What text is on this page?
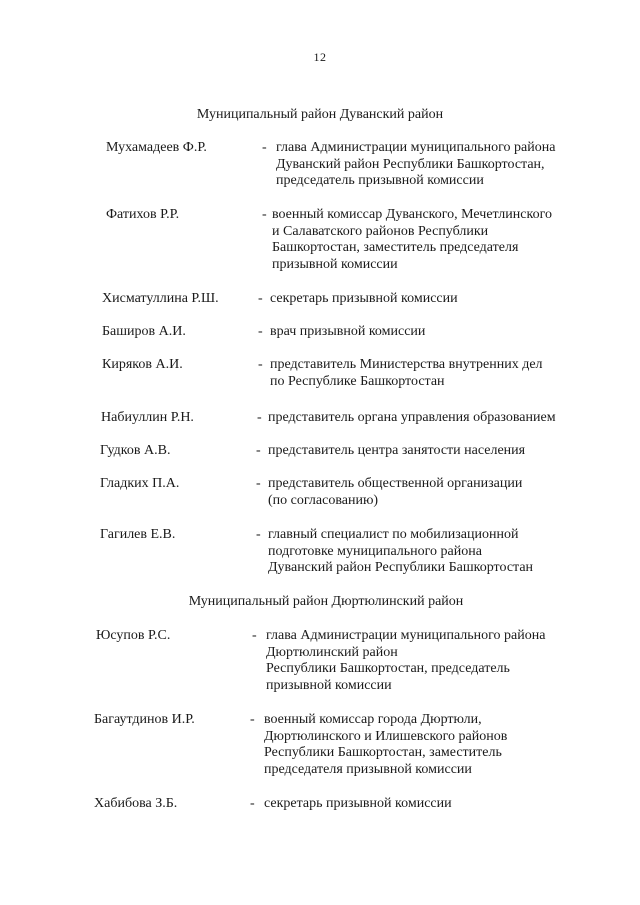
12
Муниципальный район Дуванский район
Мухамадеев Ф.Р.	- глава Администрации муниципального района
Дуванский район Республики Башкортостан,
председатель призывной комиссии
Фатихов Р.Р.	- военный комиссар Дуванского, Мечетлинского
и Салаватского районов Республики
Башкортостан, заместитель председателя
призывной комиссии
Хисматуллина Р.Ш.	- секретарь призывной комиссии
Баширов А.И.	- врач призывной комиссии
Киряков А.И.	- представитель Министерства внутренних дел
по Республике Башкортостан
Набиуллин Р.Н.	- представитель органа управления образованием
Гудков А.В.	- представитель центра занятости населения
Гладких П.А.	- представитель общественной организации
(по согласованию)
Гагилев Е.В.	- главный специалист по мобилизационной
подготовке муниципального района
Дуванский район Республики Башкортостан
Муниципальный район Дюртюлинский район
Юсупов Р.С.	- глава Администрации муниципального района
Дюртюлинский район
Республики Башкортостан, председатель
призывной комиссии
Багаутдинов И.Р.	- военный комиссар города Дюртюли,
Дюртюлинского и Илишевского районов
Республики Башкортостан, заместитель
председателя призывной комиссии
Хабибова З.Б.	- секретарь призывной комиссии
